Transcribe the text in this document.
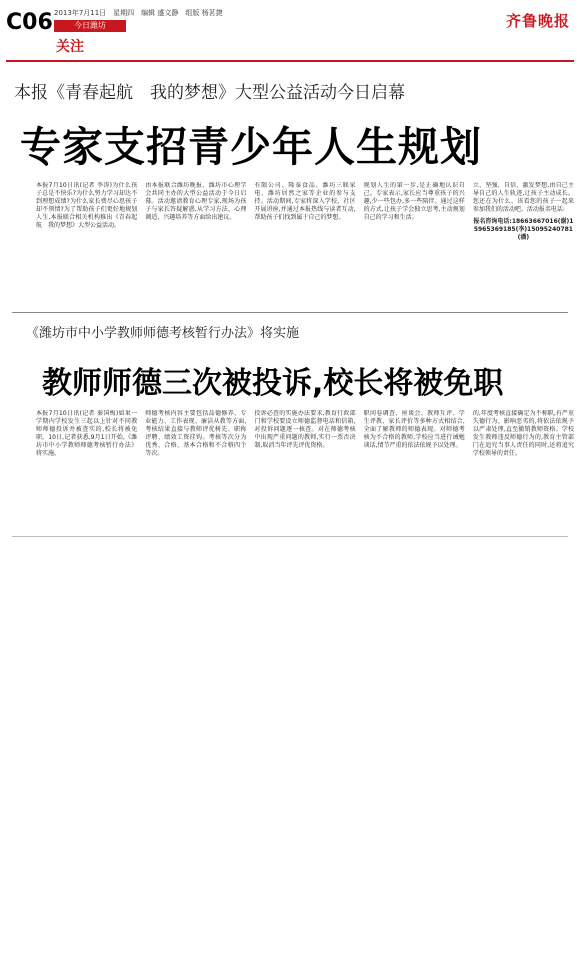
C06 2013年7月11日　星期四　编辑 盛文静　组版 杨茗捷
今日潍坊
关注
齐鲁晚报
本报《青春起航　我的梦想》大型公益活动今日启幕
专家支招青少年人生规划
本报7月10日讯(记者 李涛)为什么孩子总是不快乐?为什么努力学习却达不到理想成绩?为什么家长费尽心思孩子却不领情?为了帮助孩子们更好地规划人生,本报联合相关机构推出《青春起航　我的梦想》大型公益活动。
由本报联合潍坊晚报、潍坊市心理学会共同主办的大型公益活动于今日启幕。活动邀请教育心理专家,现场为孩子与家长答疑解惑,从学习方法、心理调适、兴趣培养等方面给出建议。
有限公司、隆泰食品、潍坊三联家电、潍坊居然之家等企业的参与支持。活动期间,专家将深入学校、社区开展讲座,并通过本报热线与读者互动,帮助孩子们找到属于自己的梦想。
规划人生的第一步,是正确地认识自己。专家表示,家长应当尊重孩子的兴趣,少一些包办,多一些陪伴。通过这样的方式,让孩子学会独立思考,主动规划自己的学习和生活。
立、坚强、自信、激发梦想,由自己主导自己的人生轨迹,让孩子主动成长。您还在为什么、该看您的孩子一起来参加我们的活动吧。活动报名电话:
报名咨询电话:18663667016(谢)15965369185(李)15095240781(潘)
《潍坊市中小学教师师德考核暂行办法》将实施
教师师德三次被投诉,校长将被免职
本报7月10日讯(记者 秦国梅)如果一学期内学校发生三起以上针对不同教师师德投诉并被查实的,校长将被免职。10日,记者获悉,9月1日开始,《潍坊市中小学教师师德考核暂行办法》将实施。
师德考核内容主要包括品德修养、专业能力、工作表现、廉洁从教等方面,考核结果直接与教师评优树先、职称评聘、绩效工资挂钩。考核等次分为优秀、合格、基本合格和不合格四个等次。
投诉必查的实施办法要求,教育行政部门和学校要设立师德监督电话和信箱,对投诉问题逐一核查。对在师德考核中出现严重问题的教师,实行一票否决制,取消当年评先评优资格。
职问卷调查、座谈会、教师互评、学生评教、家长评价等多种方式相结合,全面了解教师的师德表现。对师德考核为不合格的教师,学校应当进行诫勉谈话,情节严重的依法依规予以处理。
的,年度考核直接确定为不称职,有严重失德行为、影响恶劣的,将依法依规予以严肃处理,直至撤销教师资格。学校发生教师违反师德行为的,教育主管部门在追究当事人责任的同时,还将追究学校领导的责任。
